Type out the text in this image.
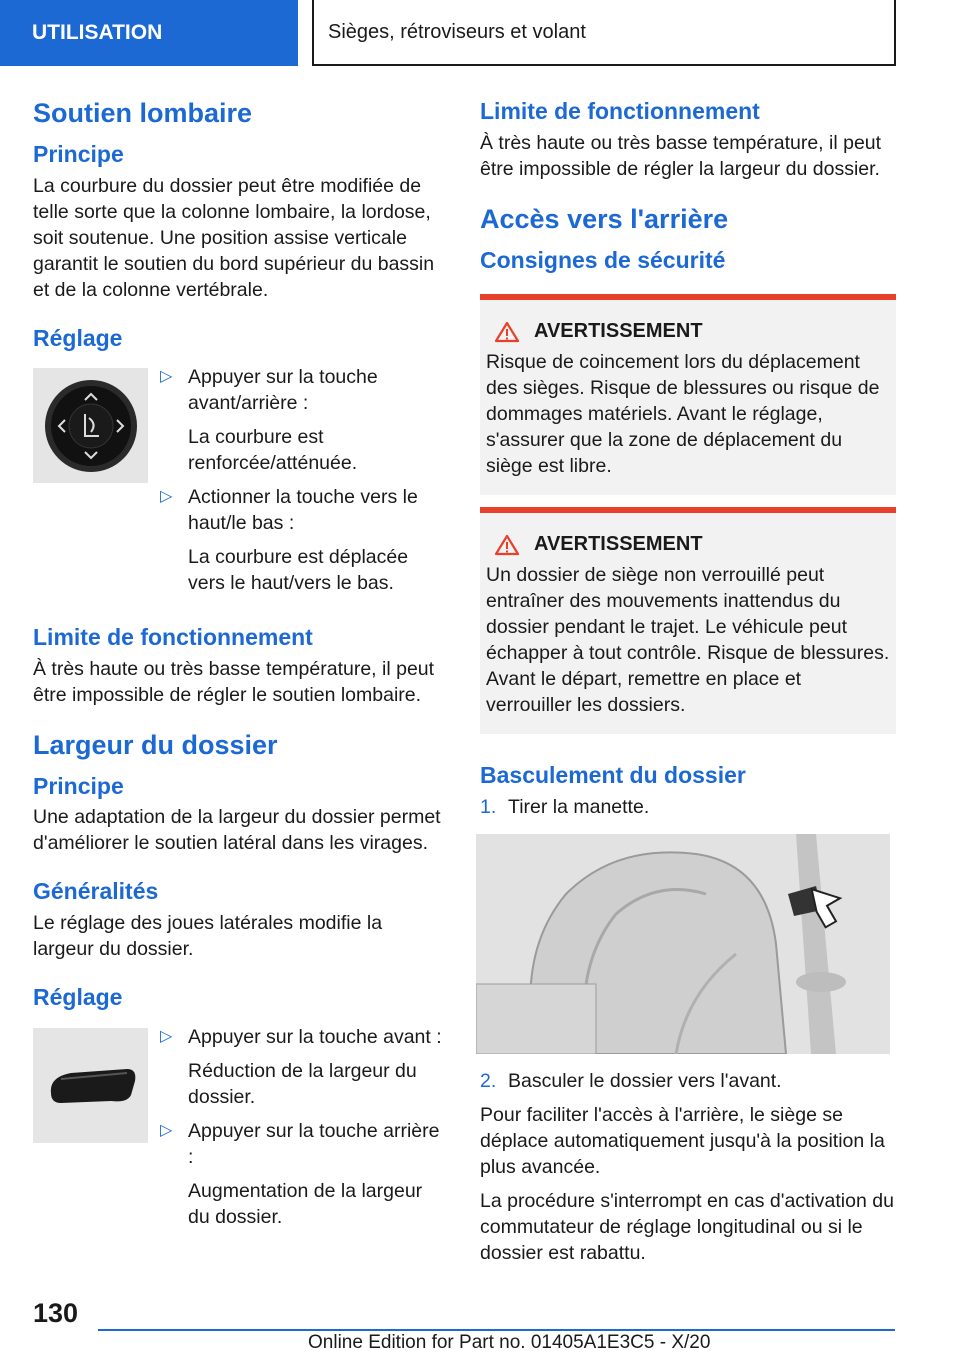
UTILISATION	Sièges, rétroviseurs et volant
Soutien lombaire
Principe

La courbure du dossier peut être modifiée de telle sorte que la colonne lombaire, la lordose, soit soutenue. Une position assise verticale garantit le soutien du bord supérieur du bassin et de la colonne vertébrale.

Réglage
▷ Appuyer sur la touche avant/arrière :

La courbure est renforcée/atténuée.

▷ Actionner la touche vers le haut/le bas :

La courbure est déplacée vers le haut/vers le bas.

Limite de fonctionnement

À très haute ou très basse température, il peut être impossible de régler le soutien lombaire.

Largeur du dossier
Principe

Une adaptation de la largeur du dossier permet d'améliorer le soutien latéral dans les virages.

Généralités

Le réglage des joues latérales modifie la largeur du dossier.

Réglage
▷ Appuyer sur la touche avant :

Réduction de la largeur du dossier.

▷ Appuyer sur la touche arrière :

Augmentation de la largeur du dossier.

Limite de fonctionnement

À très haute ou très basse température, il peut être impossible de régler la largeur du dossier.

Accès vers l'arrière
Consignes de sécurité
AVERTISSEMENT

Risque de coincement lors du déplacement des sièges. Risque de blessures ou risque de dommages matériels. Avant le réglage, s'assurer que la zone de déplacement du siège est libre.

AVERTISSEMENT

Un dossier de siège non verrouillé peut entraîner des mouvements inattendus du dossier pendant le trajet. Le véhicule peut échapper à tout contrôle. Risque de blessures. Avant le départ, remettre en place et verrouiller les dossiers.

Basculement du dossier
1. Tirer la manette.

2. Basculer le dossier vers l'avant.

Pour faciliter l'accès à l'arrière, le siège se déplace automatiquement jusqu'à la position la plus avancée.

La procédure s'interrompt en cas d'activation du commutateur de réglage longitudinal ou si le dossier est rabattu.

130
Online Edition for Part no. 01405A1E3C5 - X/20
